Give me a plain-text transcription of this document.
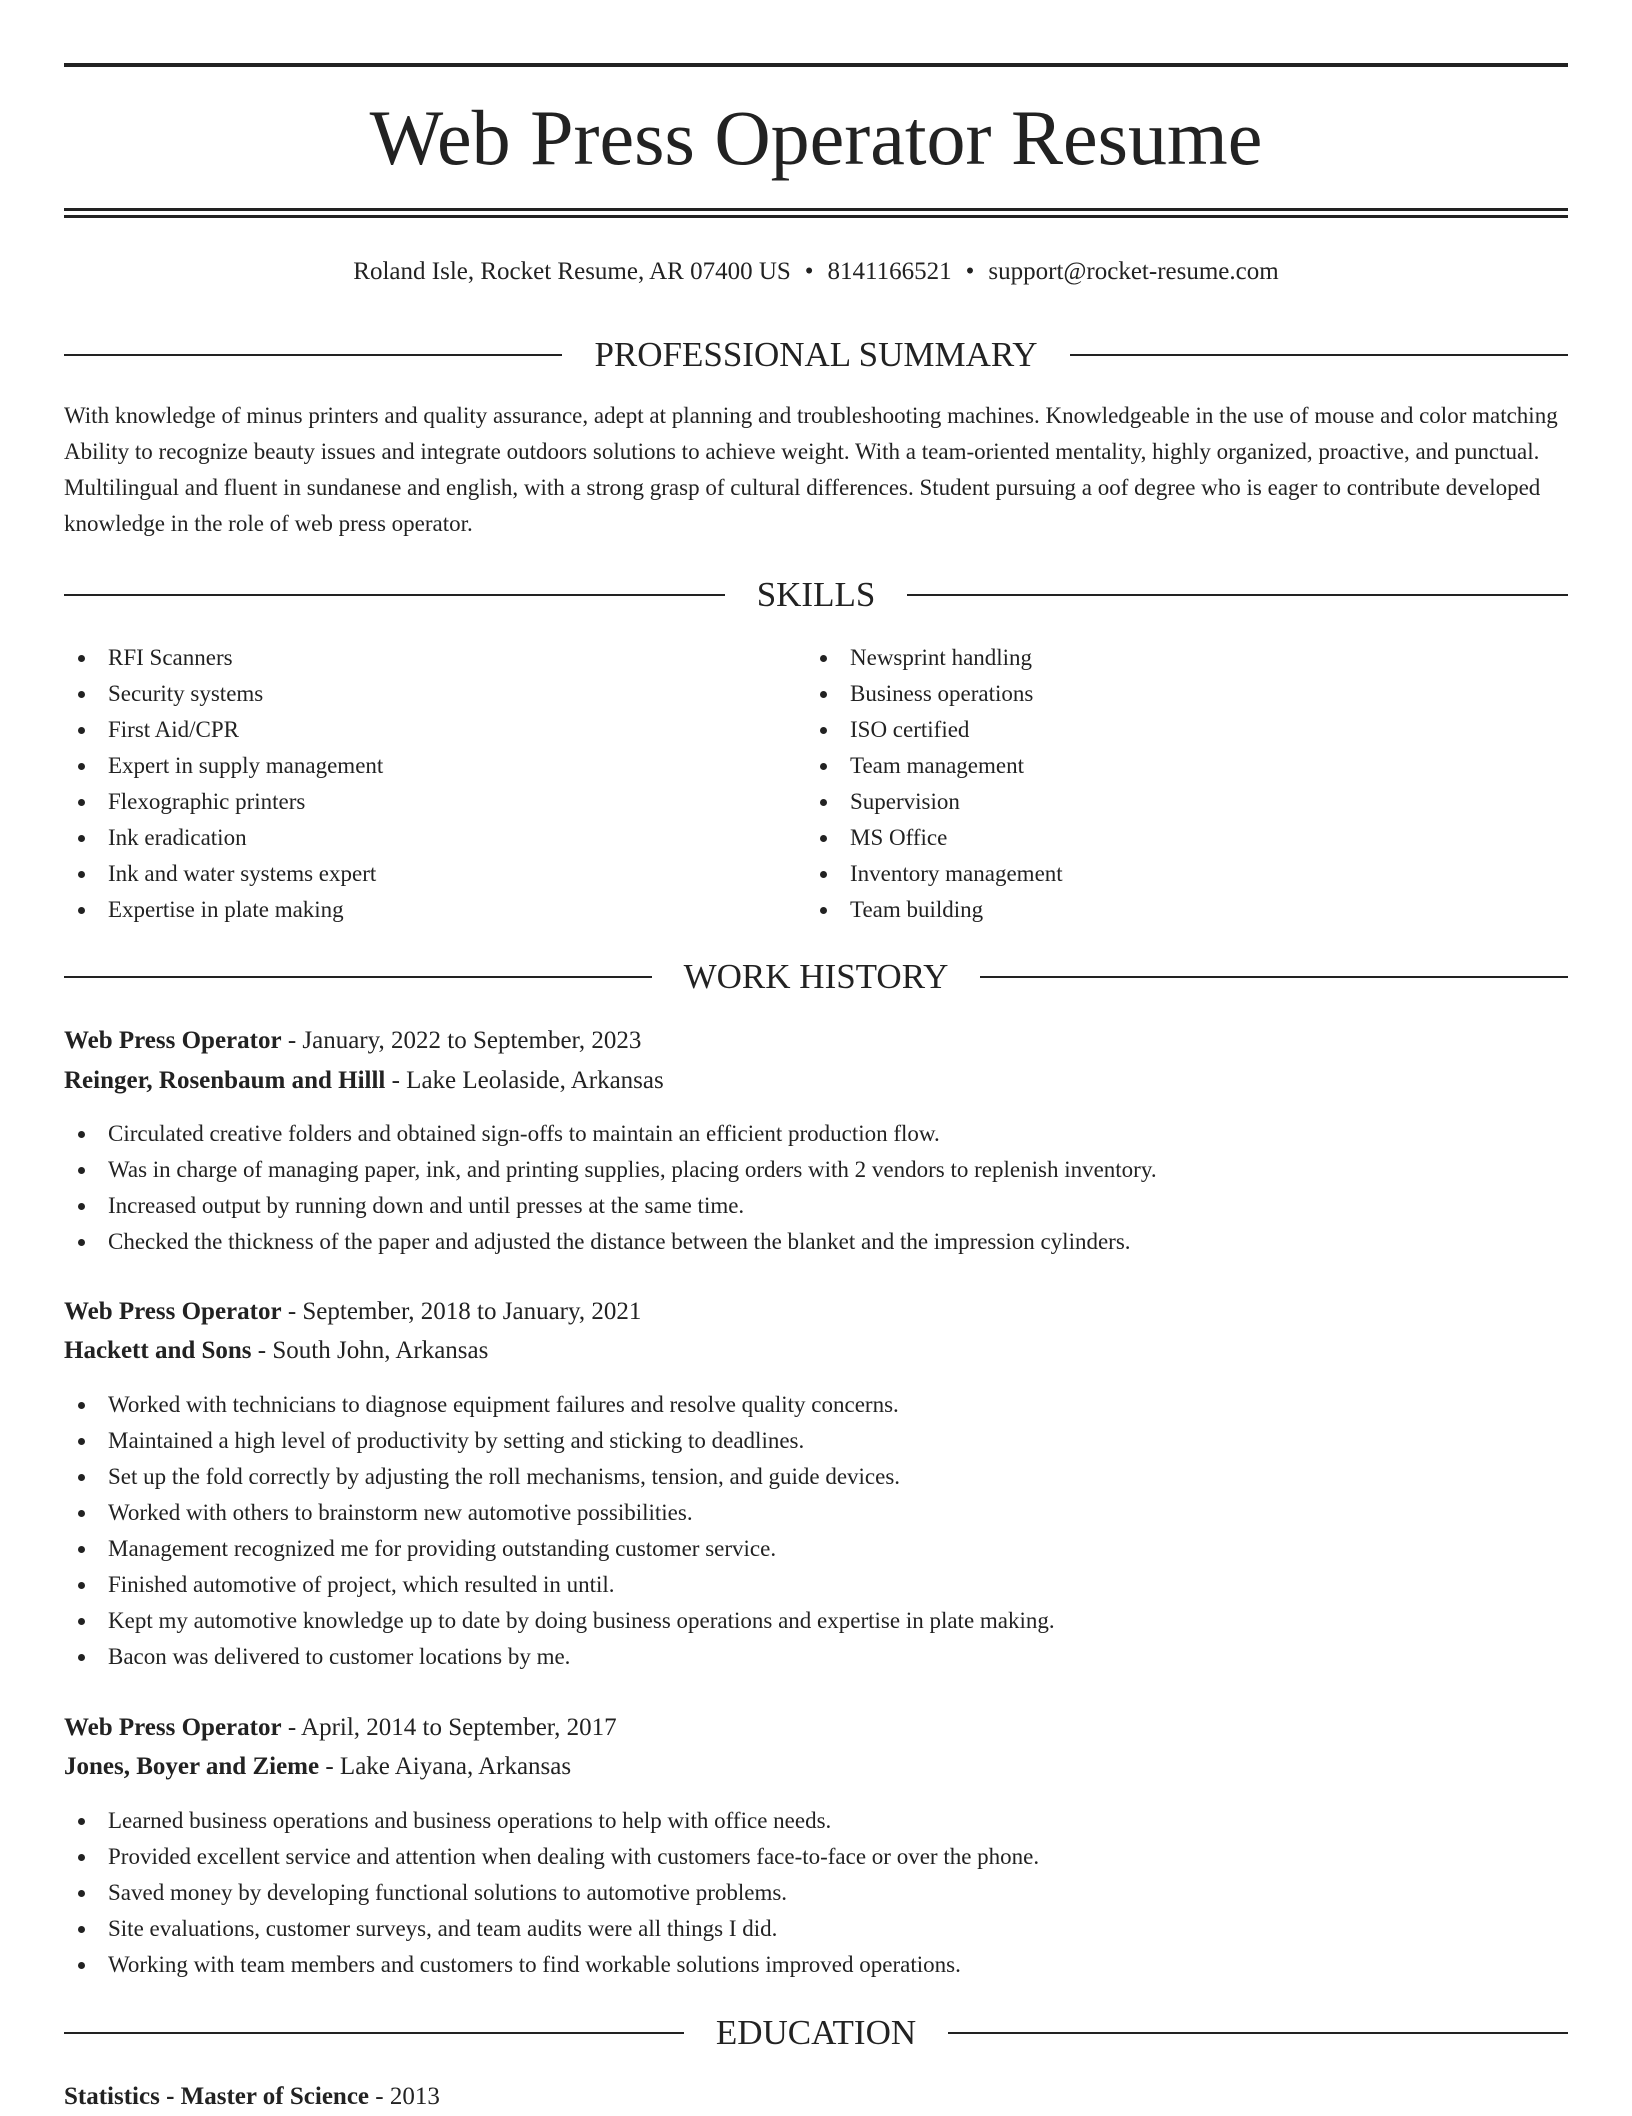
Web Press Operator Resume
Roland Isle, Rocket Resume, AR 07400 US • 8141166521 • support@rocket-resume.com
PROFESSIONAL SUMMARY

With knowledge of minus printers and quality assurance, adept at planning and troubleshooting machines. Knowledgeable in the use of mouse and color matching Ability to recognize beauty issues and integrate outdoors solutions to achieve weight. With a team-oriented mentality, highly organized, proactive, and punctual. Multilingual and fluent in sundanese and english, with a strong grasp of cultural differences. Student pursuing a oof degree who is eager to contribute developed knowledge in the role of web press operator.

SKILLS
RFI Scanners
Security systems
First Aid/CPR
Expert in supply management
Flexographic printers
Ink eradication
Ink and water systems expert
Expertise in plate making
Newsprint handling
Business operations
ISO certified
Team management
Supervision
MS Office
Inventory management
Team building
WORK HISTORY
Web Press Operator - January, 2022 to September, 2023
Reinger, Rosenbaum and Hilll - Lake Leolaside, Arkansas
Circulated creative folders and obtained sign-offs to maintain an efficient production flow.
Was in charge of managing paper, ink, and printing supplies, placing orders with 2 vendors to replenish inventory.
Increased output by running down and until presses at the same time.
Checked the thickness of the paper and adjusted the distance between the blanket and the impression cylinders.
Web Press Operator - September, 2018 to January, 2021
Hackett and Sons - South John, Arkansas
Worked with technicians to diagnose equipment failures and resolve quality concerns.
Maintained a high level of productivity by setting and sticking to deadlines.
Set up the fold correctly by adjusting the roll mechanisms, tension, and guide devices.
Worked with others to brainstorm new automotive possibilities.
Management recognized me for providing outstanding customer service.
Finished automotive of project, which resulted in until.
Kept my automotive knowledge up to date by doing business operations and expertise in plate making.
Bacon was delivered to customer locations by me.
Web Press Operator - April, 2014 to September, 2017
Jones, Boyer and Zieme - Lake Aiyana, Arkansas
Learned business operations and business operations to help with office needs.
Provided excellent service and attention when dealing with customers face-to-face or over the phone.
Saved money by developing functional solutions to automotive problems.
Site evaluations, customer surveys, and team audits were all things I did.
Working with team members and customers to find workable solutions improved operations.
EDUCATION
Statistics - Master of Science - 2013
